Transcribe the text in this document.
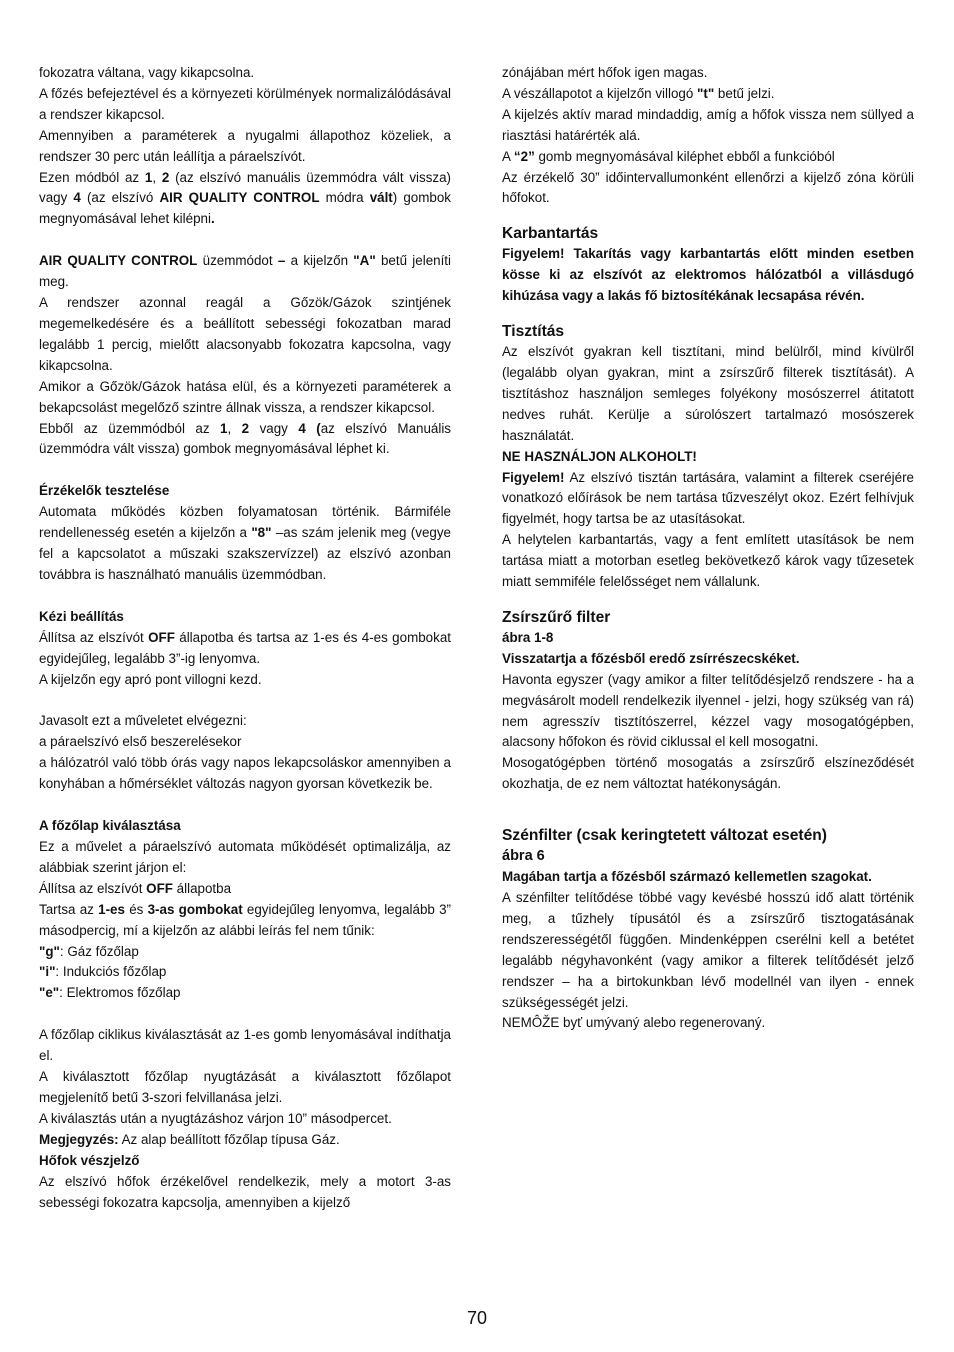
fokozatra váltana, vagy kikapcsolna.

A főzés befejeztével és a környezeti körülmények normalizálódásával a rendszer kikapcsol.

Amennyiben a paraméterek a nyugalmi állapothoz közeliek, a rendszer 30 perc után leállítja a páraelszívót.

Ezen módból az 1, 2 (az elszívó manuális üzemmódra vált vissza) vagy 4 (az elszívó AIR QUALITY CONTROL módra vált) gombok megnyomásával lehet kilépni.

AIR QUALITY CONTROL üzemmódot – a kijelzőn "A" betű jeleníti meg.

A rendszer azonnal reagál a Gőzök/Gázok szintjének megemelkedésére és a beállított sebességi fokozatban marad legalább 1 percig, mielőtt alacsonyabb fokozatra kapcsolna, vagy kikapcsolna.

Amikor a Gőzök/Gázok hatása elül, és a környezeti paraméterek a bekapcsolást megelőző szintre állnak vissza, a rendszer kikapcsol.

Ebből az üzemmódból az 1, 2 vagy 4 (az elszívó Manuális üzemmódra vált vissza) gombok megnyomásával léphet ki.

Érzékelők tesztelése

Automata működés közben folyamatosan történik. Bármiféle rendellenesség esetén a kijelzőn a "8" –as szám jelenik meg (vegye fel a kapcsolatot a műszaki szakszervízzel) az elszívó azonban továbbra is használható manuális üzemmódban.

Kézi beállítás

Állítsa az elszívót OFF állapotba és tartsa az 1-es és 4-es gombokat egyidejűleg, legalább 3”-ig lenyomva.

A kijelzőn egy apró pont villogni kezd.

Javasolt ezt a műveletet elvégezni:

a páraelszívó első beszerelésekor

a hálózatról való több órás vagy napos lekapcsoláskor amennyiben a konyhában a hőmérséklet változás nagyon gyorsan következik be.

A főzőlap kiválasztása

Ez a művelet a páraelszívó automata működését optimalizálja, az alábbiak szerint járjon el:

Állítsa az elszívót OFF állapotba

Tartsa az 1-es és 3-as gombokat egyidejűleg lenyomva, legalább 3” másodpercig, mí a kijelzőn az alábbi leírás fel nem tűnik:

"g": Gáz főzőlap

"i": Indukciós főzőlap

"e": Elektromos főzőlap

A főzőlap ciklikus kiválasztását az 1-es gomb lenyomásával indíthatja el.

A kiválasztott főzőlap nyugtázását a kiválasztott főzőlapot megjelenítő betű 3-szori felvillanása jelzi.

A kiválasztás után a nyugtázáshoz várjon 10” másodpercet.

Megjegyzés: Az alap beállított főzőlap típusa Gáz.

Hőfok vészjelző

Az elszívó hőfok érzékelővel rendelkezik, mely a motort 3-as sebességi fokozatra kapcsolja, amennyiben a kijelző

zónájában mért hőfok igen magas.

A vészállapotot a kijelzőn villogó "t" betű jelzi.

A kijelzés aktív marad mindaddig, amíg a hőfok vissza nem süllyed a riasztási határérték alá.

A “2” gomb megnyomásával kiléphet ebből a funkcióból

Az érzékelő 30” időintervallumonként ellenőrzi a kijelző zóna körüli hőfokot.

Karbantartás

Figyelem! Takarítás vagy karbantartás előtt minden esetben kösse ki az elszívót az elektromos hálózatból a villásdugó kihúzása vagy a lakás fő biztosítékának lecsapása révén.

Tisztítás

Az elszívót gyakran kell tisztítani, mind belülről, mind kívülről (legalább olyan gyakran, mint a zsírszűrő filterek tisztítását). A tisztításhoz használjon semleges folyékony mosószerrel átitatott nedves ruhát. Kerülje a súrolószert tartalmazó mosószerek használatát.

NE HASZNÁLJON ALKOHOLT!

Figyelem! Az elszívó tisztán tartására, valamint a filterek cseréjére vonatkozó előírások be nem tartása tűzveszélyt okoz. Ezért felhívjuk figyelmét, hogy tartsa be az utasításokat.

A helytelen karbantartás, vagy a fent említett utasítások be nem tartása miatt a motorban esetleg bekövetkező károk vagy tűzesetek miatt semmiféle felelősséget nem vállalunk.

Zsírszűrő filter

ábra 1-8

Visszatartja a főzésből eredő zsírrészecskéket.

Havonta egyszer (vagy amikor a filter telítődésjelző rendszere - ha a megvásárolt modell rendelkezik ilyennel - jelzi, hogy szükség van rá) nem agresszív tisztítószerrel, kézzel vagy mosogatógépben, alacsony hőfokon és rövid ciklussal el kell mosogatni.

Mosogatógépben történő mosogatás a zsírszűrő elszíneződését okozhatja, de ez nem változtat hatékonyságán.

Szénfilter (csak keringtetett változat esetén)

ábra 6

Magában tartja a főzésből származó kellemetlen szagokat.

A szénfilter telítődése többé vagy kevésbé hosszú idő alatt történik meg, a tűzhely típusától és a zsírszűrő tisztogatásának rendszerességétől függően. Mindenképpen cserélni kell a betétet legalább négyhavonként (vagy amikor a filterek telítődését jelző rendszer – ha a birtokunkban lévő modellnél van ilyen - ennek szükségességét jelzi.

NEMÔŽE byť umývaný alebo regenerovaný.

70
